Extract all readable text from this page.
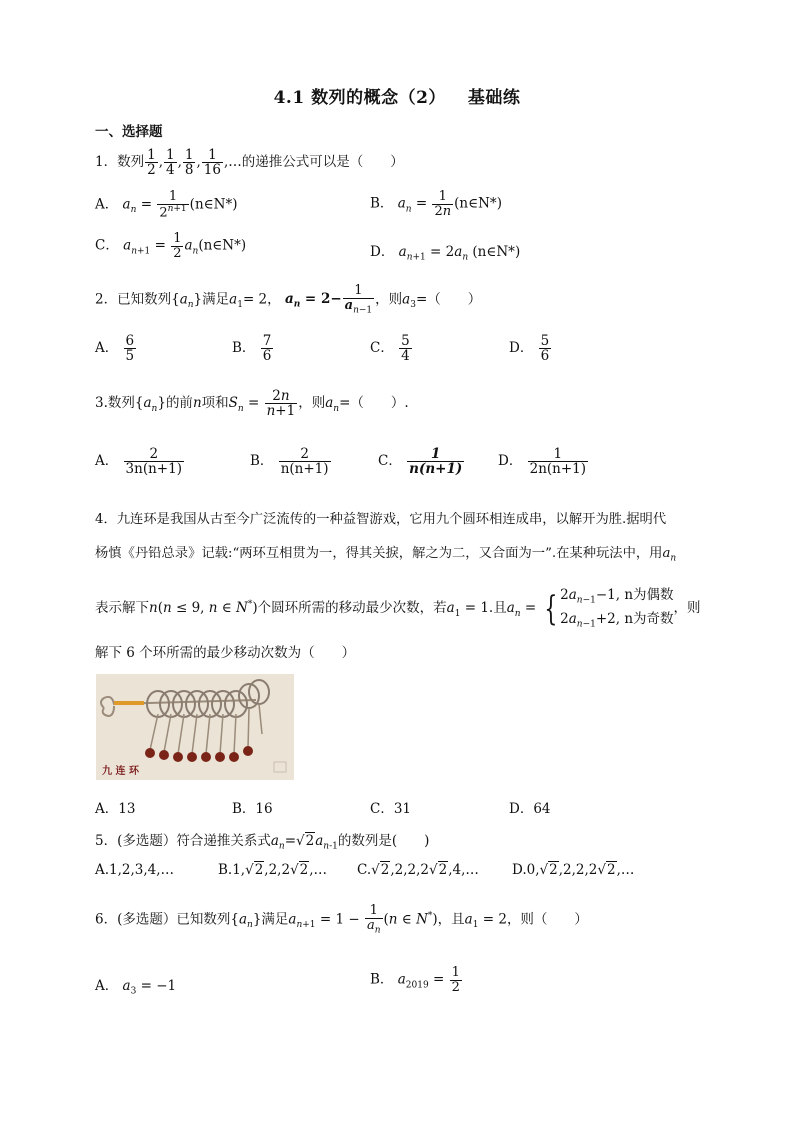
4.1 数列的概念（2） 基础练
一、选择题
1．数列 $\frac{1}{2}$ , $\frac{1}{4}$ , $\frac{1}{8}$ , $\frac{1}{16}$ ,…的递推公式可以是（　　）
A． $a_n = \frac{1}{2^{n+1}}$ (n∈N*)	B． $a_n = \frac{1}{2n}$ (n∈N*)
C． $a_{n+1} = \frac{1}{2}$ $a_n(n\in N*)$	D． $a_{n+1} = 2a_n$ (n∈N*)
2．已知数列$\{a_n\}$满足$a_1= 2$， $a_n = 2- \frac{1}{a_{n-1}}$ ，则$a_3=$（　　）
A． $\frac{6}{5}$	B． $\frac{7}{6}$	C． $\frac{5}{4}$	D． $\frac{5}{6}$
3.数列$\{a_n\}$的前n项和$S_n = \frac{2n}{n+1}$ ，则$a_n=$（　　）.
A． $\frac{2}{3n(n+1)}$	B． $\frac{2}{n(n+1)}$	C． $\frac{1}{n(n+1)}$ D． $\frac{1}{2n(n+1)}$
4．九连环是我国从古至今广泛流传的一种益智游戏，它用九个圆环相连成串，以解开为胜.据明代
杨慎《丹铅总录》记载:“两环互相贯为一，得其关捩，解之为二，又合面为一”.在某种玩法中，用$a_n$
表示解下n(n ≤ 9, n ∈ N*)个圆环所需的移动最少次数，若$a_1 = 1$.且$a_n$ = { $2a_{n-1}-1$, n为偶数
$2a_{n-1}+2$, n为奇数，则
解下 6 个环所需的最少移动次数为（　　）
九 连 环
A．13	B．16	C．31	D．64
5．(多选题）符合递推关系式$a_n=√2a_{n-1}$的数列是(　　)
A.1,2,3,4,…	B.1,√2,2,2√2,… C.√2,2,2,2√2,4,… D.0,√2,2,2,2√2,…
6．(多选题）已知数列$\{a_n\}$满足$a_{n+1} = 1 - \frac{1}{a_n} (n$ ∈ N*)，且$a_1 = 2$，则（　　）
A． $a_3 = -1$	B． $a_{2019} = \frac{1}{2}$
